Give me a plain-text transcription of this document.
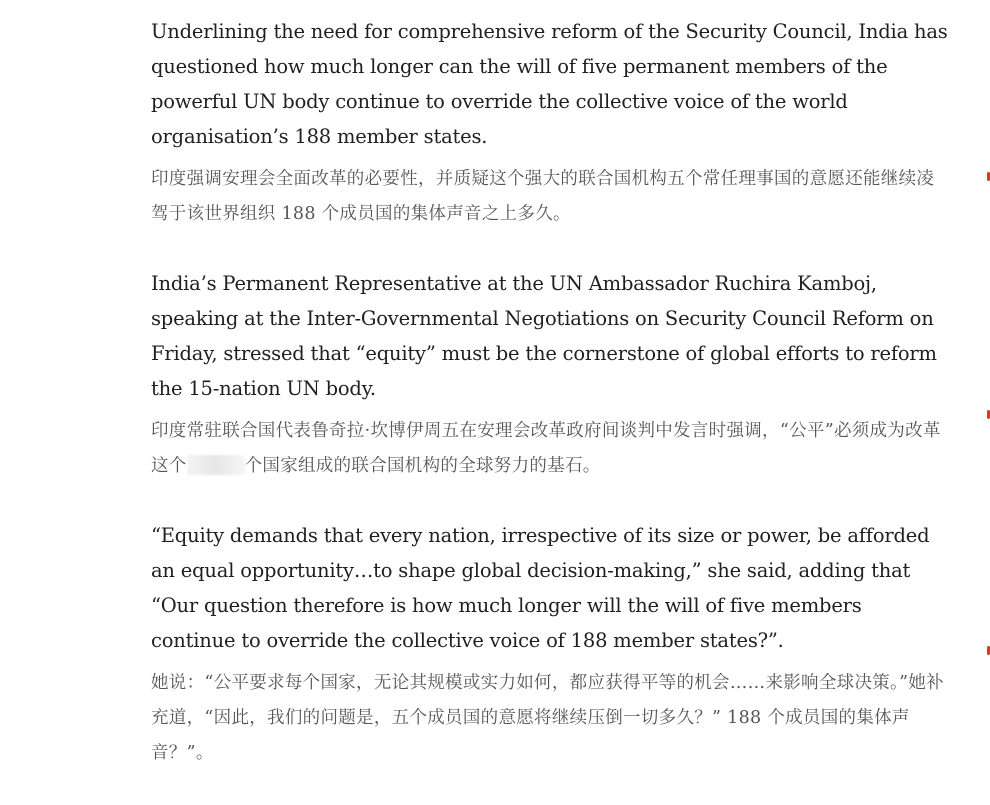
Underlining the need for comprehensive reform of the Security Council, India has questioned how much longer can the will of five permanent members of the powerful UN body continue to override the collective voice of the world organisation’s 188 member states.

印度强调安理会全面改革的必要性，并质疑这个强大的联合国机构五个常任理事国的意愿还能继续凌驾于该世界组织 188 个成员国的集体声音之上多久。

India’s Permanent Representative at the UN Ambassador Ruchira Kamboj, speaking at the Inter-Governmental Negotiations on Security Council Reform on Friday, stressed that “equity” must be the cornerstone of global efforts to reform the 15-nation UN body.

印度常驻联合国代表鲁奇拉·坎博伊周五在安理会改革政府间谈判中发言时强调，“公平”必须成为改革这个	个国家组成的联合国机构的全球努力的基石。

“Equity demands that every nation, irrespective of its size or power, be afforded an equal opportunity…to shape global decision-making,” she said, adding that “Our question therefore is how much longer will the will of five members continue to override the collective voice of 188 member states?”.

她说：“公平要求每个国家，无论其规模或实力如何，都应获得平等的机会……来影响全球决策。”她补充道，“因此，我们的问题是，五个成员国的意愿将继续压倒一切多久？” 188 个成员国的集体声音？”。
